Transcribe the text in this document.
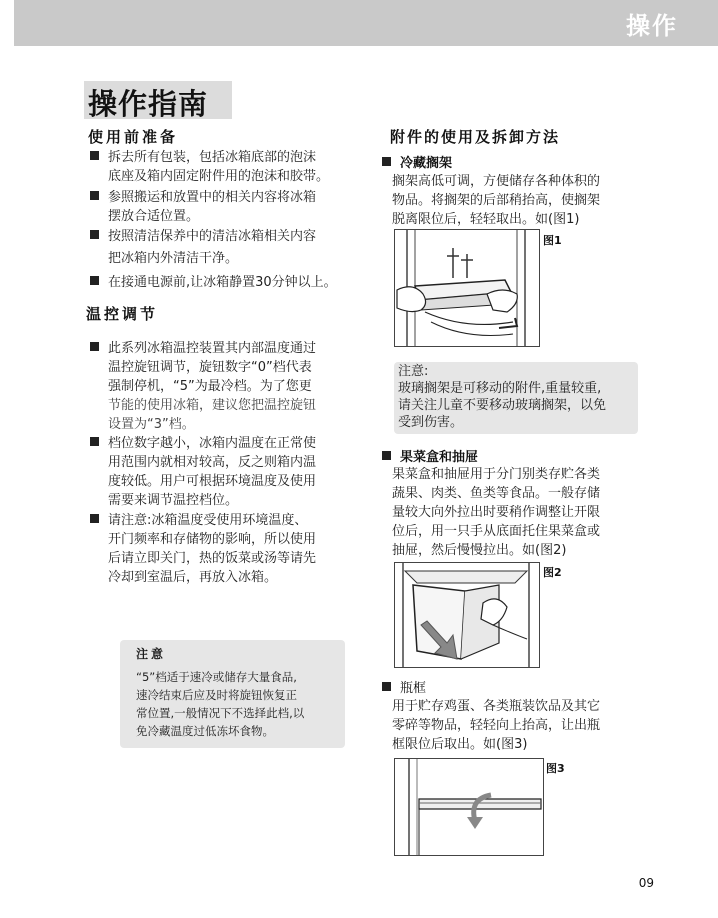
操作
操作指南
使用前准备
拆去所有包装，包括冰箱底部的泡沫
底座及箱内固定附件用的泡沫和胶带。
参照搬运和放置中的相关内容将冰箱
摆放合适位置。
按照清洁保养中的清洁冰箱相关内容
把冰箱内外清洁干净。
在接通电源前,让冰箱静置30分钟以上。
温控调节
此系列冰箱温控装置其内部温度通过
温控旋钮调节，旋钮数字“0”档代表
强制停机，“5”为最冷档。为了您更
节能的使用冰箱，建议您把温控旋钮
设置为“3”档。
档位数字越小，冰箱内温度在正常使
用范围内就相对较高，反之则箱内温
度较低。用户可根据环境温度及使用
需要来调节温控档位。
请注意:冰箱温度受使用环境温度、
开门频率和存储物的影响，所以使用
后请立即关门，热的饭菜或汤等请先
冷却到室温后，再放入冰箱。
注意
“5”档适于速冷或储存大量食品,
速冷结束后应及时将旋钮恢复正
常位置,一般情况下不选择此档,以
免冷藏温度过低冻坏食物。
附件的使用及拆卸方法
冷藏搁架
搁架高低可调，方便储存各种体积的
物品。将搁架的后部稍抬高，使搁架
脱离限位后，轻轻取出。如(图1)
图1
注意:
玻璃搁架是可移动的附件,重量较重,
请关注儿童不要移动玻璃搁架，以免
受到伤害。
果菜盒和抽屉
果菜盒和抽屉用于分门别类存贮各类
蔬果、肉类、鱼类等食品。一般存储
量较大向外拉出时要稍作调整让开限
位后，用一只手从底面托住果菜盒或
抽屉，然后慢慢拉出。如(图2)
图2
瓶框
用于贮存鸡蛋、各类瓶装饮品及其它
零碎等物品，轻轻向上抬高，让出瓶
框限位后取出。如(图3)
图3
09
